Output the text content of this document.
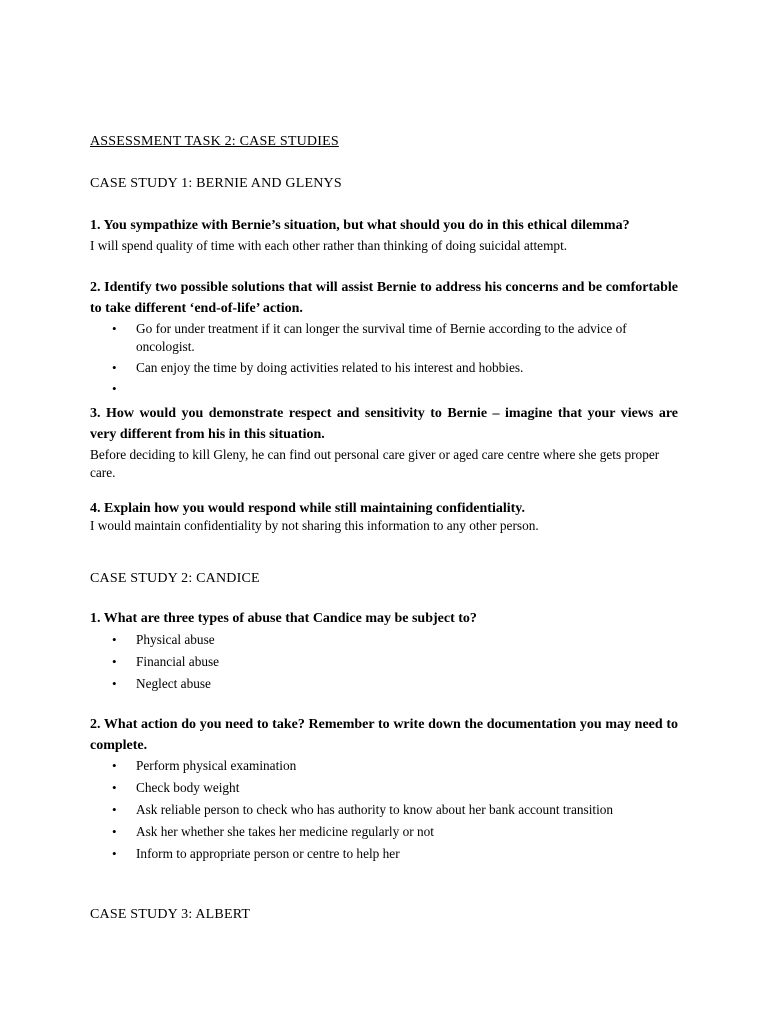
ASSESSMENT TASK 2: CASE STUDIES

CASE STUDY 1: BERNIE AND GLENYS

1. You sympathize with Bernie’s situation, but what should you do in this ethical dilemma?

I will spend quality of time with each other rather than thinking of doing suicidal attempt.

2. Identify two possible solutions that will assist Bernie to address his concerns and be comfortable to take different ‘end-of-life’ action.

• Go for under treatment if it can longer the survival time of Bernie according to the advice of oncologist.
• Can enjoy the time by doing activities related to his interest and hobbies.
•

3. How would you demonstrate respect and sensitivity to Bernie – imagine that your views are very different from his in this situation.

Before deciding to kill Gleny, he can find out personal care giver or aged care centre where she gets proper care.

4. Explain how you would respond while still maintaining confidentiality.

I would maintain confidentiality by not sharing this information to any other person.

CASE STUDY 2: CANDICE

1. What are three types of abuse that Candice may be subject to?

• Physical abuse
• Financial abuse
• Neglect abuse

2. What action do you need to take? Remember to write down the documentation you may need to complete.

• Perform physical examination
• Check body weight
• Ask reliable person to check who has authority to know about her bank account transition
• Ask her whether she takes her medicine regularly or not
• Inform to appropriate person or centre to help her

CASE STUDY 3: ALBERT
